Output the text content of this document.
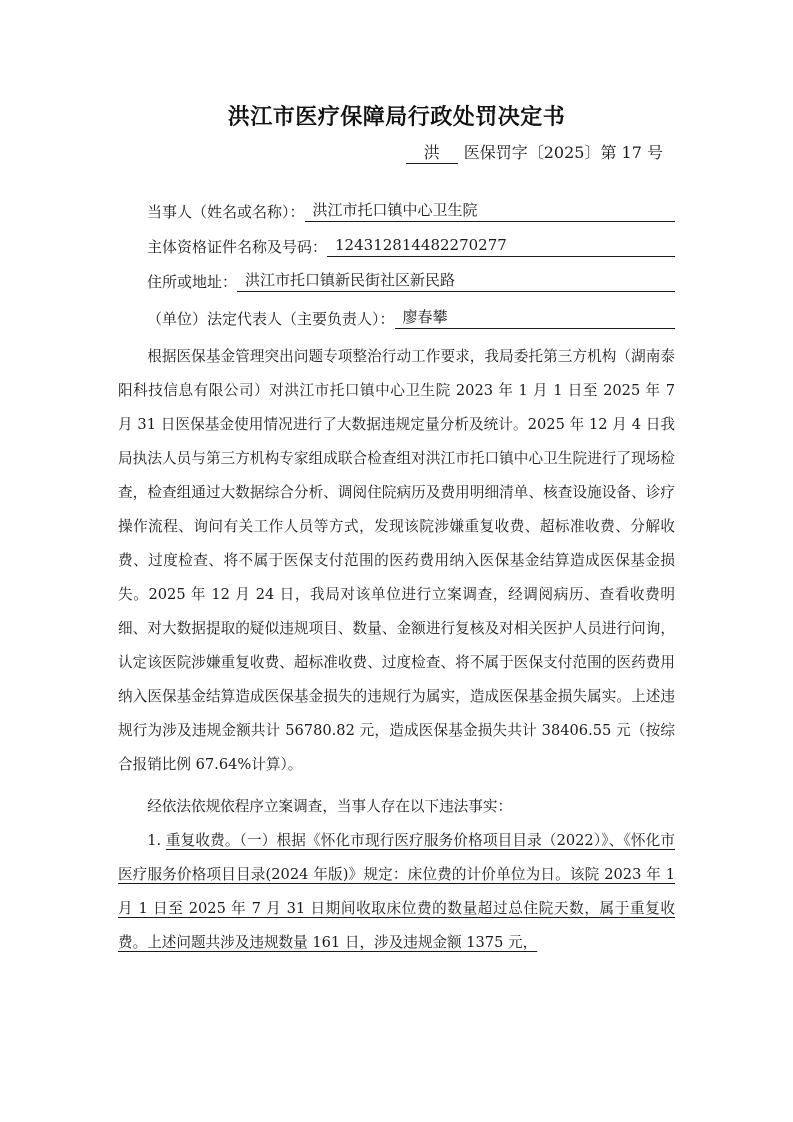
洪江市医疗保障局行政处罚决定书
洪 医保罚字〔2025〕第 17 号
当事人（姓名或名称）： 洪江市托口镇中心卫生院
主体资格证件名称及号码： 124312814482270277
住所或地址： 洪江市托口镇新民街社区新民路
（单位）法定代表人（主要负责人）： 廖春攀

根据医保基金管理突出问题专项整治行动工作要求，我局委托第三方机构（湖南泰阳科技信息有限公司）对洪江市托口镇中心卫生院 2023 年 1 月 1 日至 2025 年 7 月 31 日医保基金使用情况进行了大数据违规定量分析及统计。2025 年 12 月 4 日我局执法人员与第三方机构专家组成联合检查组对洪江市托口镇中心卫生院进行了现场检查，检查组通过大数据综合分析、调阅住院病历及费用明细清单、核查设施设备、诊疗操作流程、询问有关工作人员等方式，发现该院涉嫌重复收费、超标准收费、分解收费、过度检查、将不属于医保支付范围的医药费用纳入医保基金结算造成医保基金损失。2025 年 12 月 24 日，我局对该单位进行立案调查，经调阅病历、查看收费明细、对大数据提取的疑似违规项目、数量、金额进行复核及对相关医护人员进行问询，认定该医院涉嫌重复收费、超标准收费、过度检查、将不属于医保支付范围的医药费用纳入医保基金结算造成医保基金损失的违规行为属实，造成医保基金损失属实。上述违规行为涉及违规金额共计 56780.82 元，造成医保基金损失共计 38406.55 元（按综合报销比例 67.64%计算）。

经依法依规依程序立案调查，当事人存在以下违法事实：

1. 重复收费。（一）根据《怀化市现行医疗服务价格项目目录（2022）》、《怀化市医疗服务价格项目目录(2024 年版)》规定：床位费的计价单位为日。该院 2023 年 1 月 1 日至 2025 年 7 月 31 日期间收取床位费的数量超过总住院天数，属于重复收费。上述问题共涉及违规数量 161 日，涉及违规金额 1375 元，
